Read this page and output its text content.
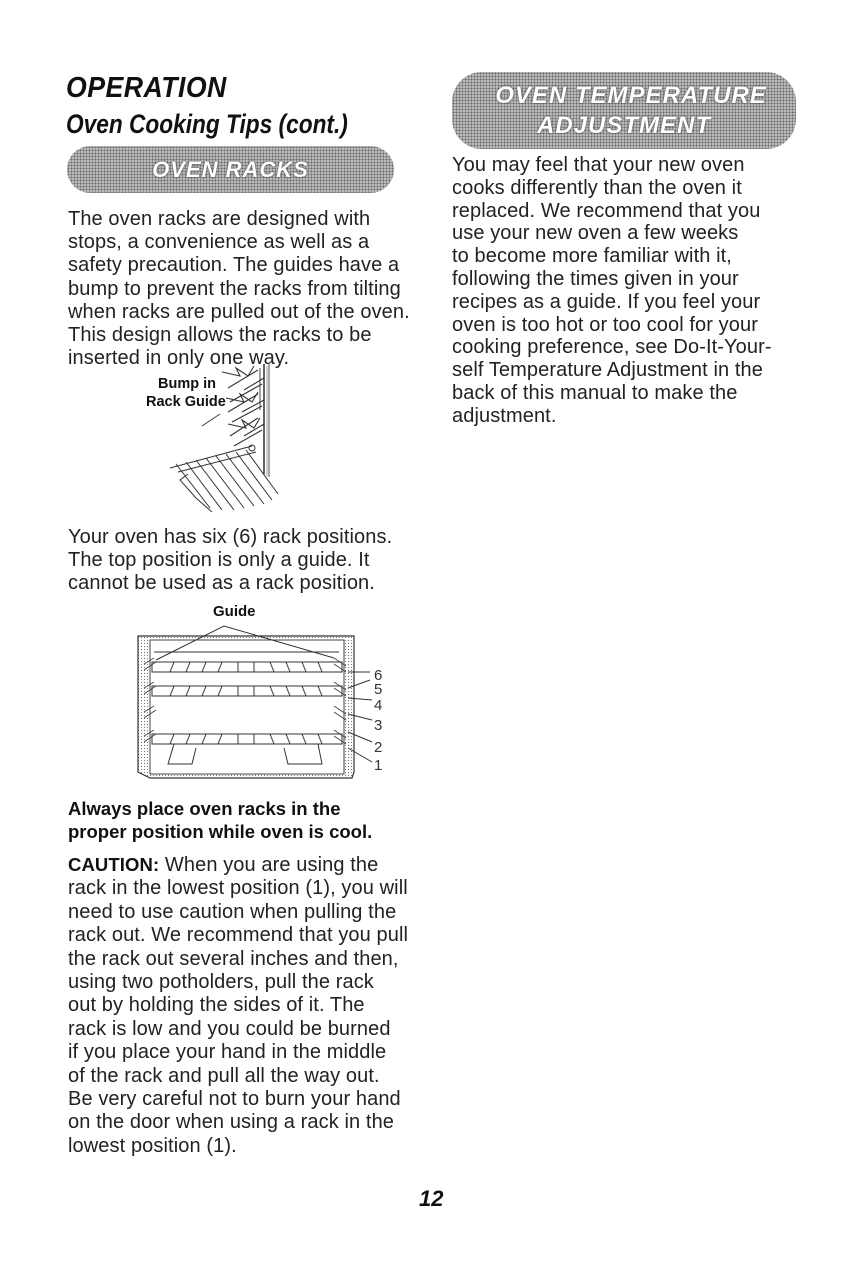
OPERATION
Oven Cooking Tips (cont.)
OVEN RACKS

The oven racks are designed with

stops, a convenience as well as a

safety precaution. The guides have a

bump to prevent the racks from tilting

when racks are pulled out of the oven.

This design allows the racks to be

inserted in only one way.

Bump in
Rack Guide

Your oven has six (6) rack positions.

The top position is only a guide. It

cannot be used as a rack position.

Guide
6
5
4
3
2
1
Always place oven racks in the
proper position while oven is cool.

CAUTION: When you are using the

rack in the lowest position (1), you will

need to use caution when pulling the

rack out. We recommend that you pull

the rack out several inches and then,

using two potholders, pull the rack

out by holding the sides of it. The

rack is low and you could be burned

if you place your hand in the middle

of the rack and pull all the way out.

Be very careful not to burn your hand

on the door when using a rack in the

lowest position (1).

OVEN TEMPERATURE
ADJUSTMENT

You may feel that your new oven

cooks differently than the oven it

replaced. We recommend that you

use your new oven a few weeks

to become more familiar with it,

following the times given in your

recipes as a guide. If you feel your

oven is too hot or too cool for your

cooking preference, see Do-It-Your-

self Temperature Adjustment in the

back of this manual to make the

adjustment.

12
